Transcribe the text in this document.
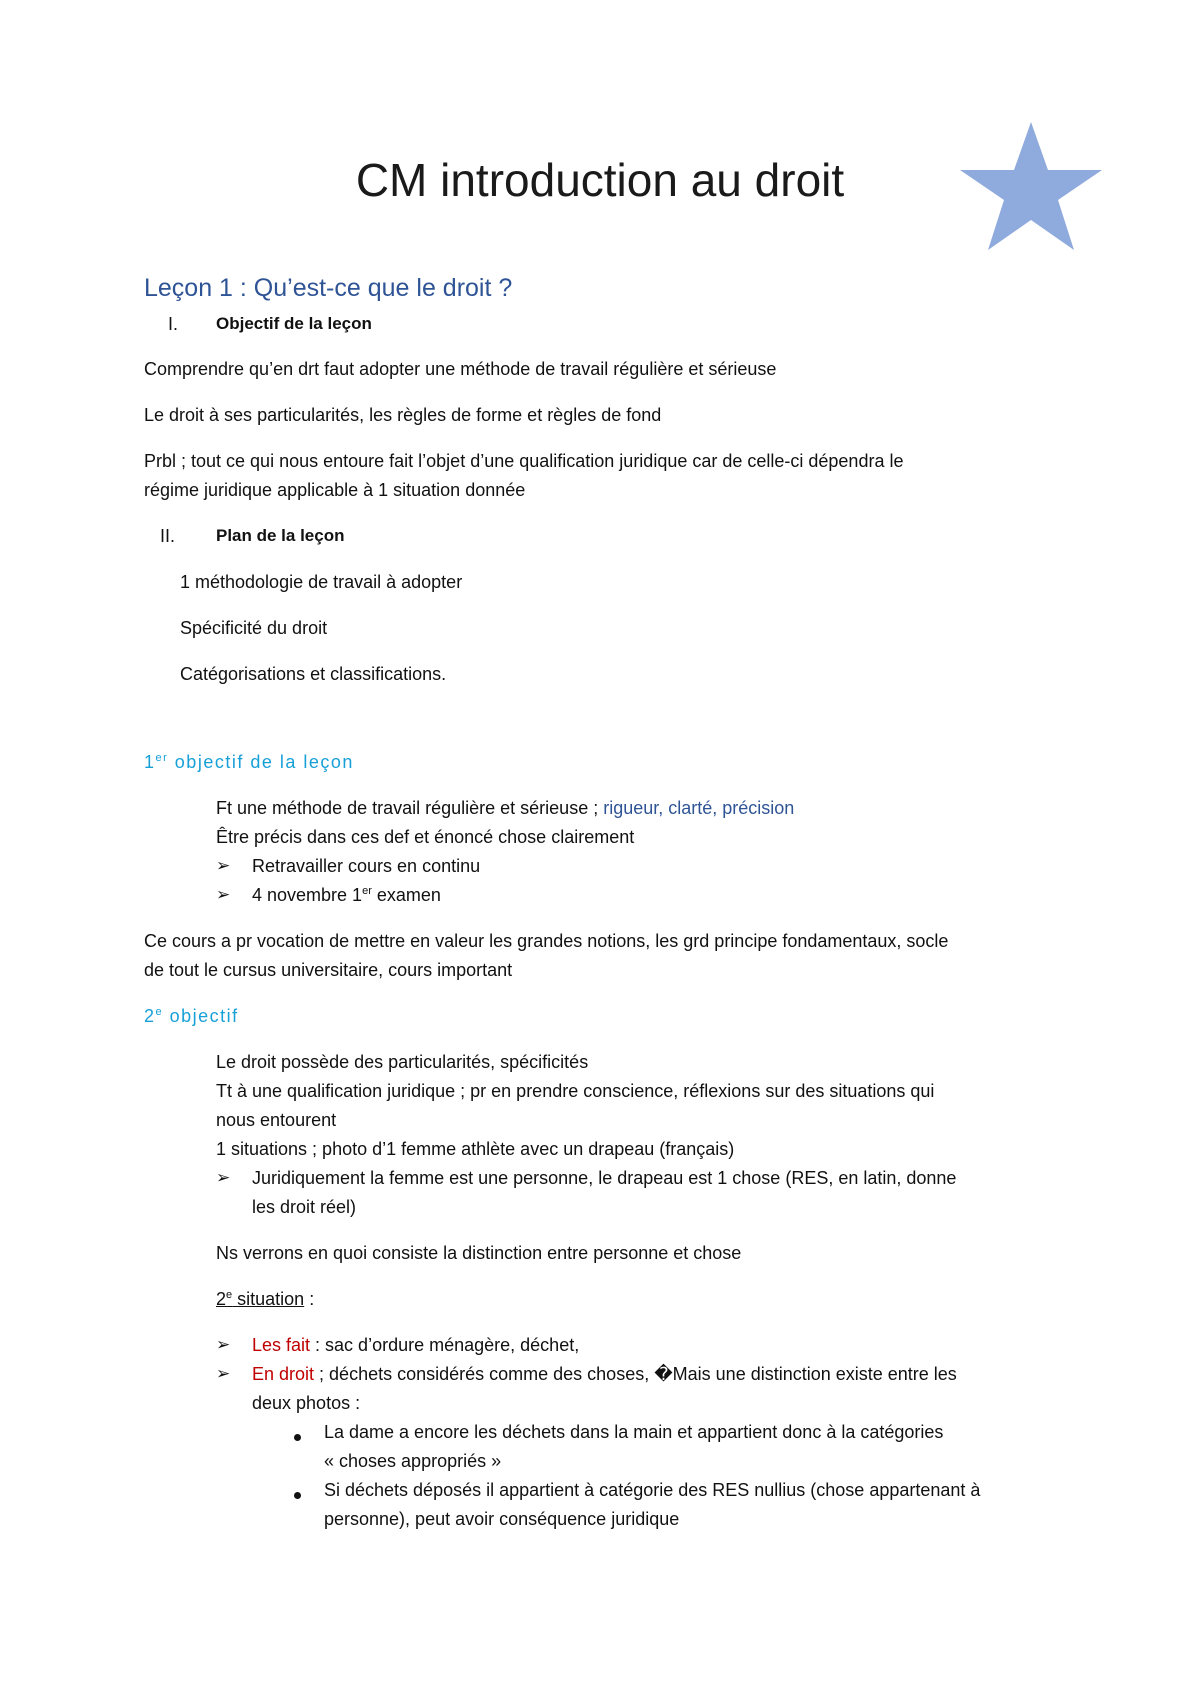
CM introduction au droit
Leçon 1 : Qu’est-ce que le droit ?
I. Objectif de la leçon
Comprendre qu’en drt faut adopter une méthode de travail régulière et sérieuse
Le droit à ses particularités, les règles de forme et règles de fond
Prbl ; tout ce qui nous entoure fait l’objet d’une qualification juridique car de celle-ci dépendra le
régime juridique applicable à 1 situation donnée
II. Plan de la leçon
1 méthodologie de travail à adopter
Spécificité du droit
Catégorisations et classifications.
1er objectif de la leçon
Ft une méthode de travail régulière et sérieuse ; rigueur, clarté, précision
Être précis dans ces def et énoncé chose clairement
➢ Retravailler cours en continu
➢ 4 novembre 1er examen
Ce cours a pr vocation de mettre en valeur les grandes notions, les grd principe fondamentaux, socle
de tout le cursus universitaire, cours important
2e objectif
Le droit possède des particularités, spécificités
Tt à une qualification juridique ; pr en prendre conscience, réflexions sur des situations qui
nous entourent
1 situations ; photo d’1 femme athlète avec un drapeau (français)
➢ Juridiquement la femme est une personne, le drapeau est 1 chose (RES, en latin, donne
les droit réel)
Ns verrons en quoi consiste la distinction entre personne et chose
2e situation :
➢ Les fait : sac d’ordure ménagère, déchet,
➢ En droit ; déchets considérés comme des choses, �Mais une distinction existe entre les
deux photos :
La dame a encore les déchets dans la main et appartient donc à la catégories
« choses appropriés »
Si déchets déposés il appartient à catégorie des RES nullius (chose appartenant à
personne), peut avoir conséquence juridique
